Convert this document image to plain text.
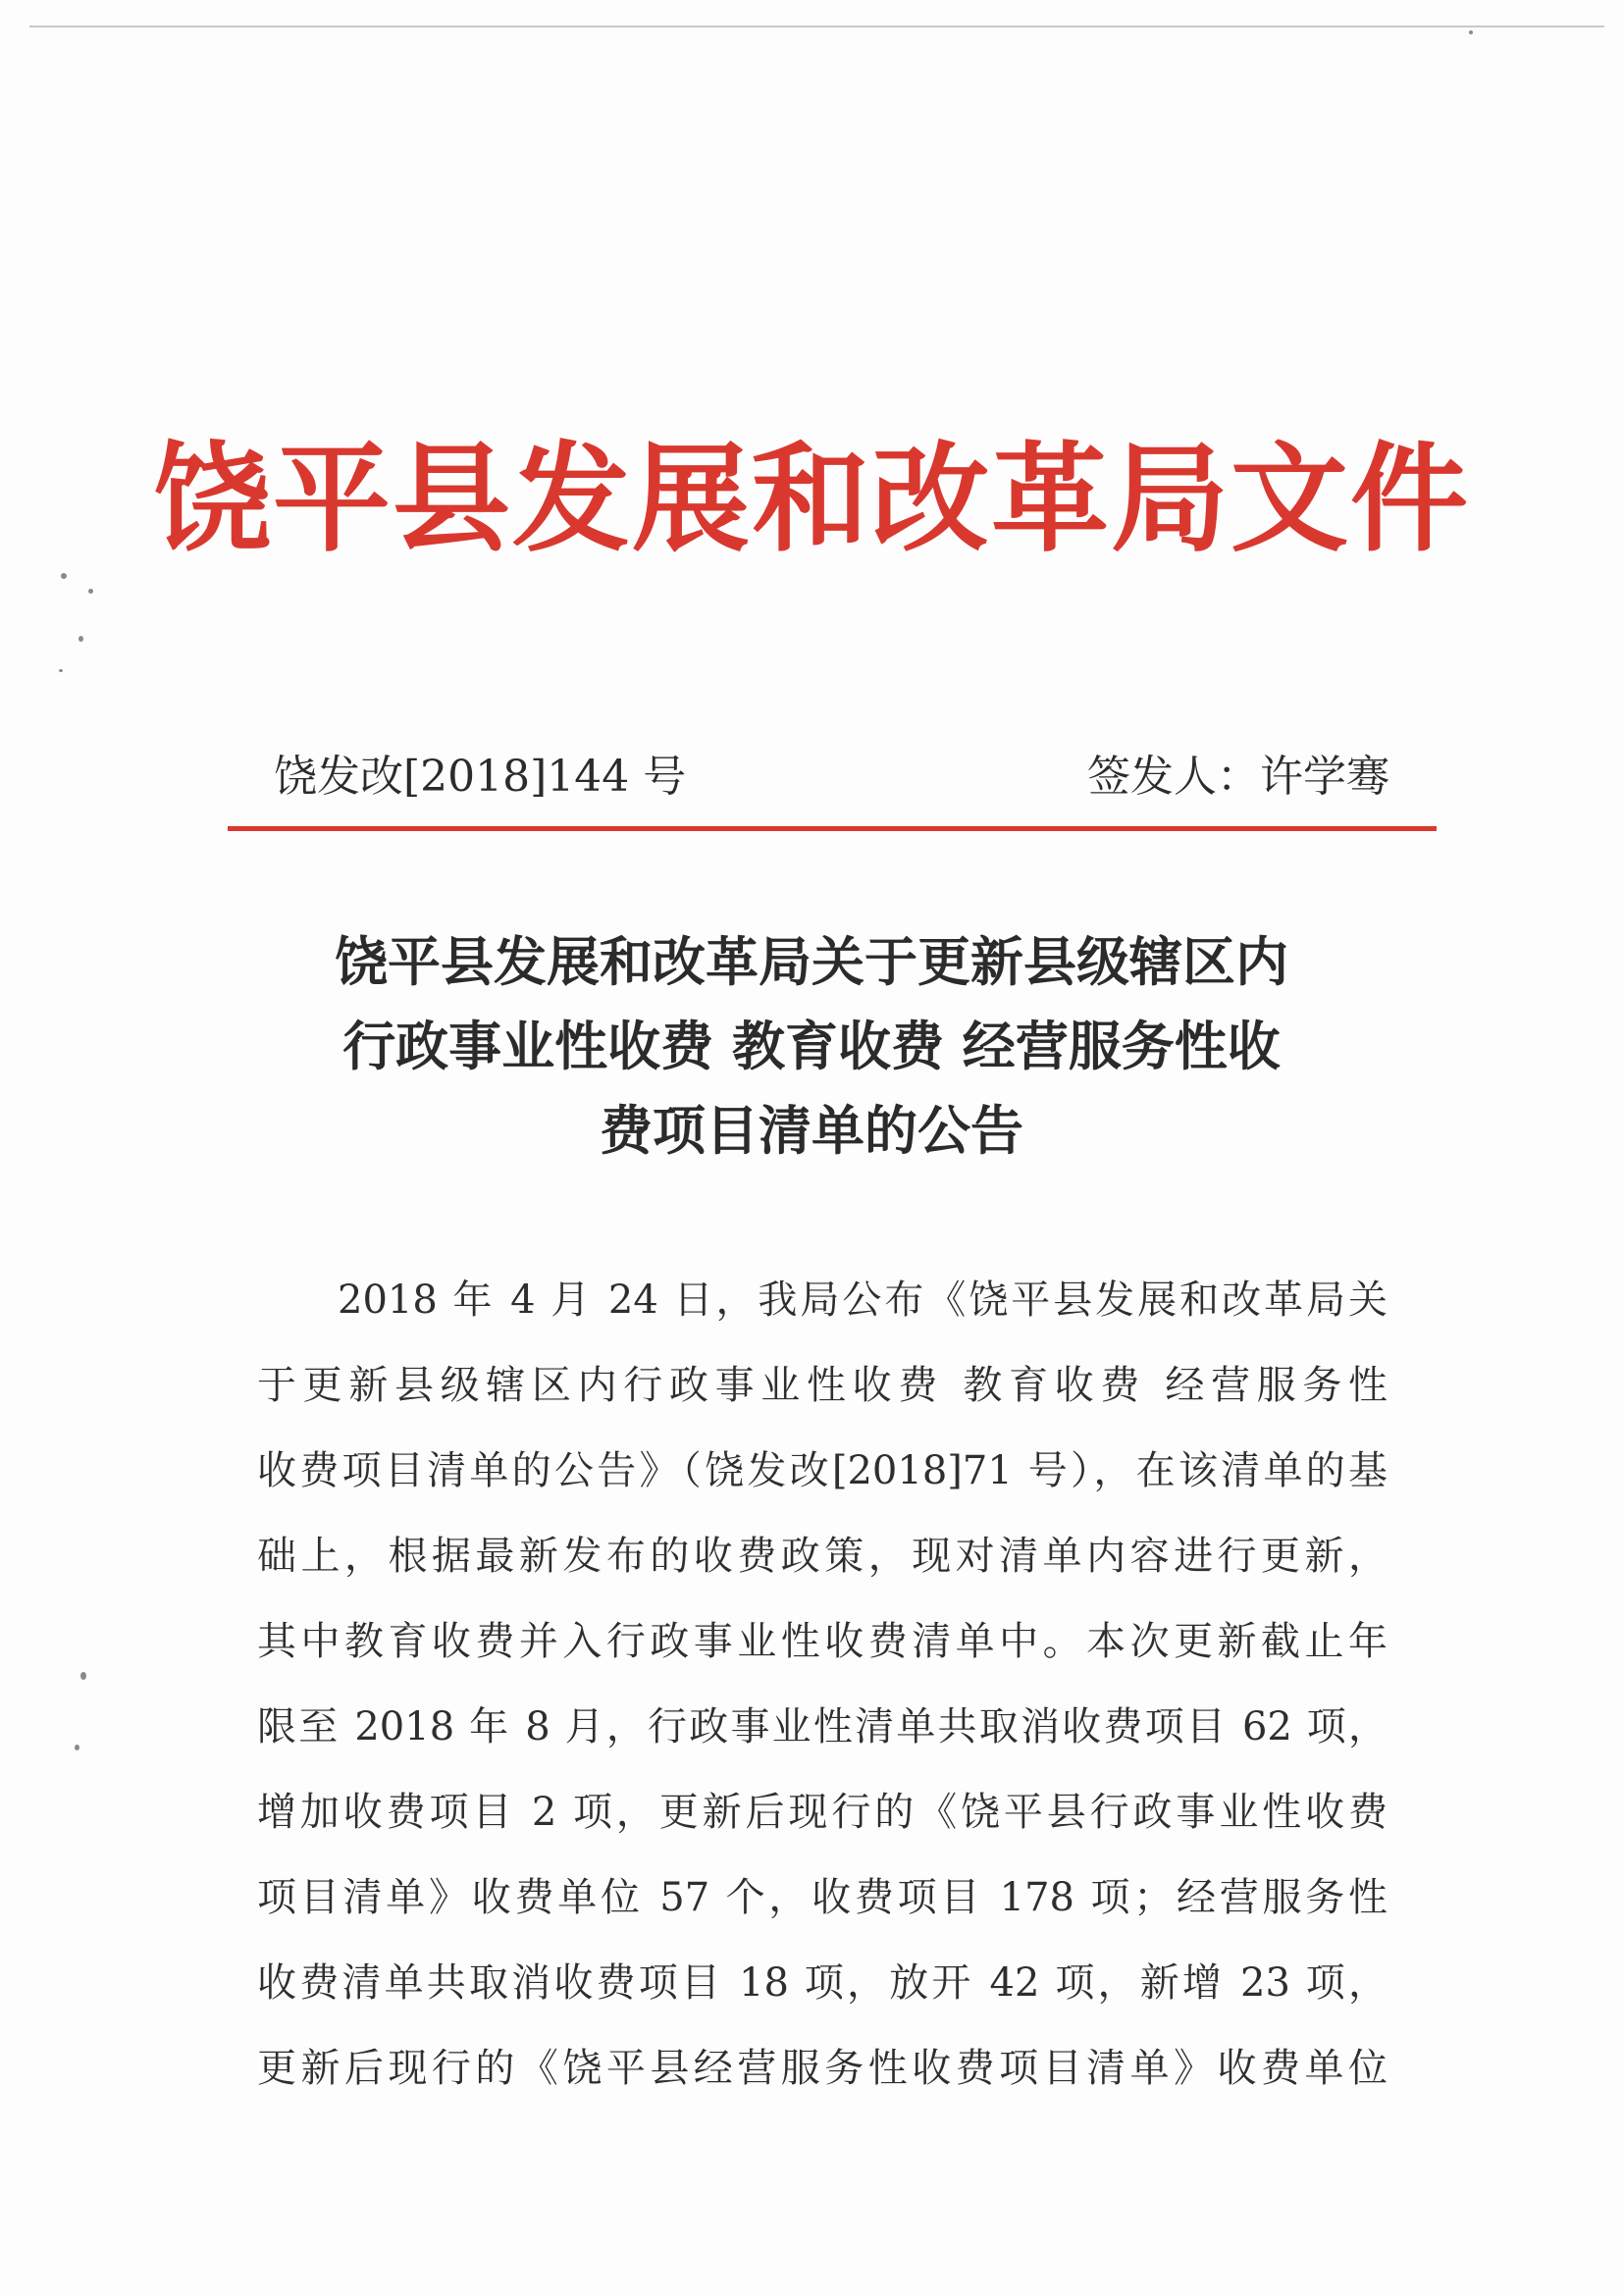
饶平县发展和改革局文件
饶发改[2018]144 号	签发人：许学骞
饶平县发展和改革局关于更新县级辖区内
行政事业性收费 教育收费 经营服务性收
费项目清单的公告
2018 年 4 月 24 日，我局公布《饶平县发展和改革局关
于更新县级辖区内行政事业性收费 教育收费 经营服务性
收费项目清单的公告》（饶发改[2018]71 号），在该清单的基
础上，根据最新发布的收费政策，现对清单内容进行更新，
其中教育收费并入行政事业性收费清单中。本次更新截止年
限至 2018 年 8 月，行政事业性清单共取消收费项目 62 项，
增加收费项目 2 项，更新后现行的《饶平县行政事业性收费
项目清单》收费单位 57 个，收费项目 178 项；经营服务性
收费清单共取消收费项目 18 项，放开 42 项，新增 23 项，
更新后现行的《饶平县经营服务性收费项目清单》收费单位
